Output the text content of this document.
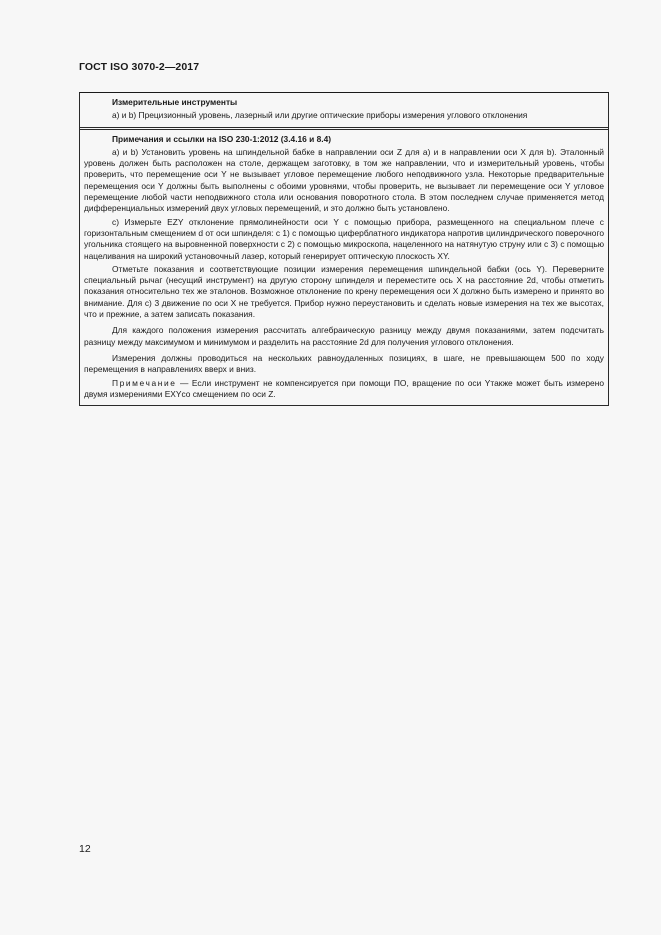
ГОСТ ISO 3070-2—2017
Измерительные инструменты
а) и b) Прецизионный уровень, лазерный или другие оптические приборы измерения углового отклонения
Примечания и ссылки на ISO 230-1:2012 (3.4.16 и 8.4)
а) и b) Установить уровень на шпиндельной бабке в направлении оси Z для а) и в направлении оси X для b). Эталонный уровень должен быть расположен на столе, держащем заготовку, в том же направлении, что и измерительный уровень, чтобы проверить, что перемещение оси Y не вызывает угловое перемещение любого неподвижного узла. Некоторые предварительные перемещения оси Y должны быть выполнены с обоими уровнями, чтобы проверить, не вызывает ли перемещение оси Y угловое перемещение любой части неподвижного стола или основания поворотного стола. В этом последнем случае применяется метод дифференциальных измерений двух угловых перемещений, и это должно быть установлено.
с) Измерьте EZY отклонение прямолинейности оси Y с помощью прибора, размещенного на специальном плече с горизонтальным смещением d от оси шпинделя: с 1) с помощью циферблатного индикатора напротив цилиндрического поверочного угольника стоящего на выровненной поверхности с 2) с помощью микроскопа, нацеленного на натянутую струну или с 3) с помощью нацеливания на широкий установочный лазер, который генерирует оптическую плоскость XY.
Отметьте показания и соответствующие позиции измерения перемещения шпиндельной бабки (ось Y). Переверните специальный рычаг (несущий инструмент) на другую сторону шпинделя и переместите ось X на расстояние 2d, чтобы отметить показания относительно тех же эталонов. Возможное отклонение по крену перемещения оси X должно быть измерено и принято во внимание. Для с) 3 движение по оси X не требуется. Прибор нужно переустановить и сделать новые измерения на тех же высотах, что и прежние, а затем записать показания.
Для каждого положения измерения рассчитать алгебраическую разницу между двумя показаниями, затем подсчитать разницу между максимумом и минимумом и разделить на расстояние 2d для получения углового отклонения.
Измерения должны проводиться на нескольких равноудаленных позициях, в шаге, не превышающем 500 по ходу перемещения в направлениях вверх и вниз.
Примечание — Если инструмент не компенсируется при помощи ПО, вращение по оси Yтакже может быть измерено двумя измерениями EXYсо смещением по оси Z.
12
